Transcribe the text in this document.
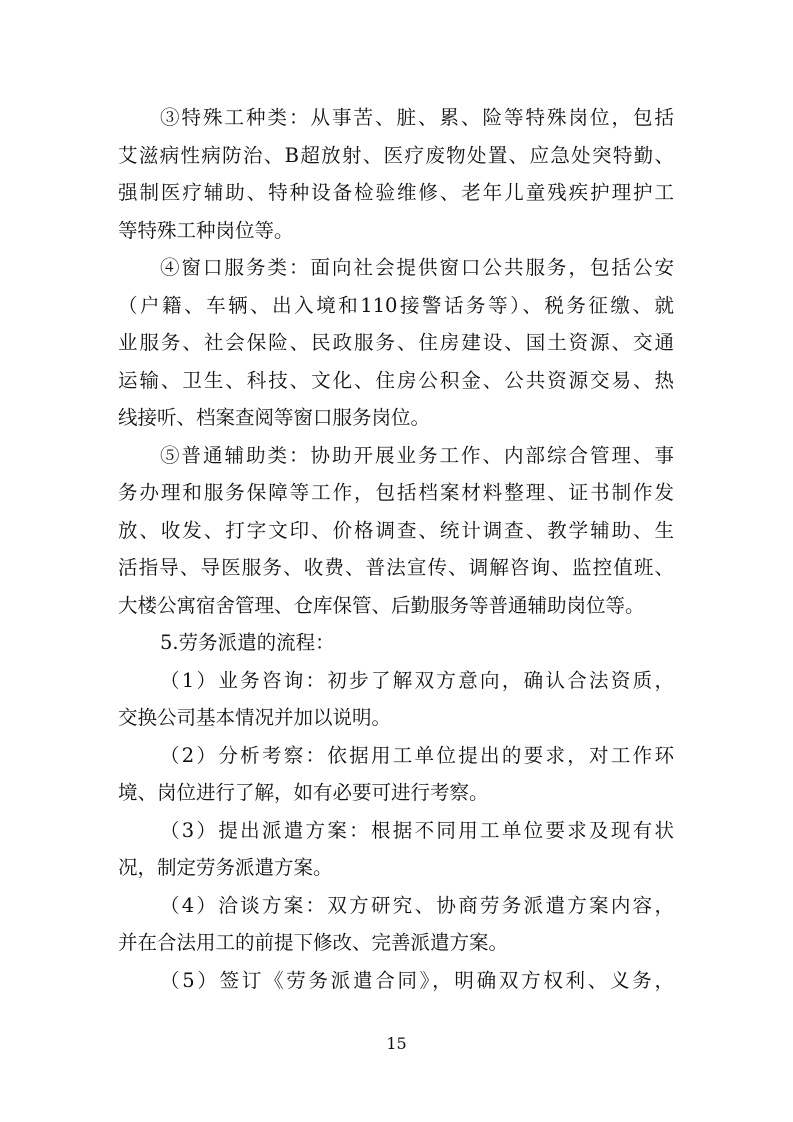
③特殊工种类：从事苦、脏、累、险等特殊岗位，包括
艾滋病性病防治、B超放射、医疗废物处置、应急处突特勤、
强制医疗辅助、特种设备检验维修、老年儿童残疾护理护工
等特殊工种岗位等。
④窗口服务类：面向社会提供窗口公共服务，包括公安
（户籍、车辆、出入境和110接警话务等）、税务征缴、就
业服务、社会保险、民政服务、住房建设、国土资源、交通
运输、卫生、科技、文化、住房公积金、公共资源交易、热
线接听、档案查阅等窗口服务岗位。
⑤普通辅助类：协助开展业务工作、内部综合管理、事
务办理和服务保障等工作，包括档案材料整理、证书制作发
放、收发、打字文印、价格调查、统计调查、教学辅助、生
活指导、导医服务、收费、普法宣传、调解咨询、监控值班、
大楼公寓宿舍管理、仓库保管、后勤服务等普通辅助岗位等。
5.劳务派遣的流程：
（1）业务咨询：初步了解双方意向，确认合法资质，
交换公司基本情况并加以说明。
（2）分析考察：依据用工单位提出的要求，对工作环
境、岗位进行了解，如有必要可进行考察。
（3）提出派遣方案：根据不同用工单位要求及现有状
况，制定劳务派遣方案。
（4）洽谈方案：双方研究、协商劳务派遣方案内容，
并在合法用工的前提下修改、完善派遣方案。
（5）签订《劳务派遣合同》，明确双方权利、义务，
15
